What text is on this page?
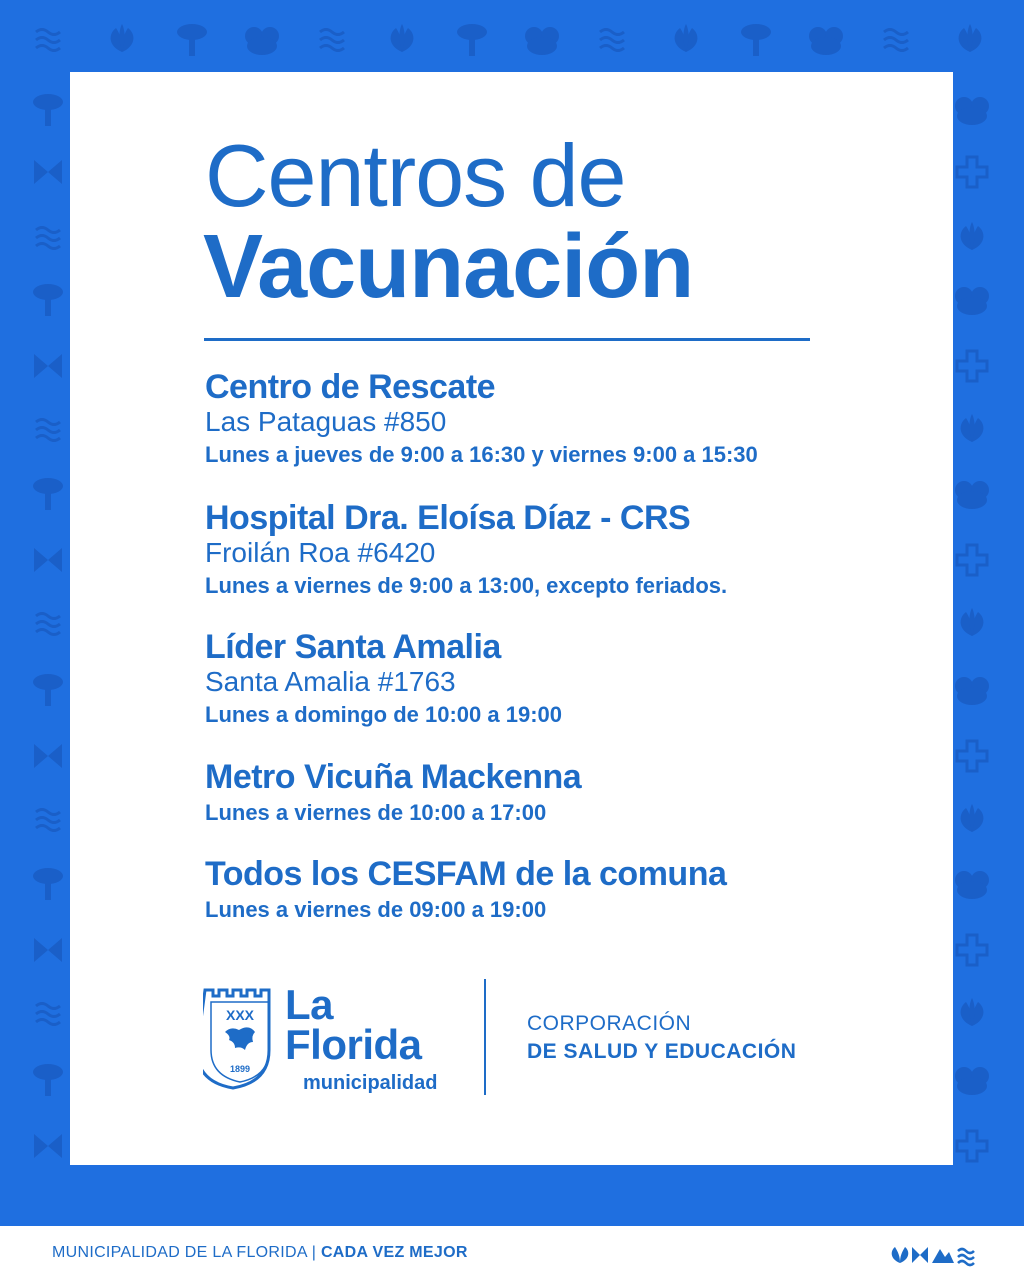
Centros de
Vacunación
Centro de Rescate
Las Pataguas #850
Lunes a jueves de 9:00 a 16:30 y viernes 9:00 a 15:30
Hospital Dra. Eloísa Díaz - CRS
Froilán Roa #6420
Lunes a viernes de 9:00 a 13:00, excepto feriados.
Líder Santa Amalia
Santa Amalia #1763
Lunes a domingo de 10:00 a 19:00
Metro Vicuña Mackenna
Lunes a viernes de 10:00 a 17:00
Todos los CESFAM de la comuna
Lunes a viernes de 09:00 a 19:00
XXX
1899
La
Florida
municipalidad
CORPORACIÓN
DE SALUD Y EDUCACIÓN
MUNICIPALIDAD DE LA FLORIDA | CADA VEZ MEJOR
